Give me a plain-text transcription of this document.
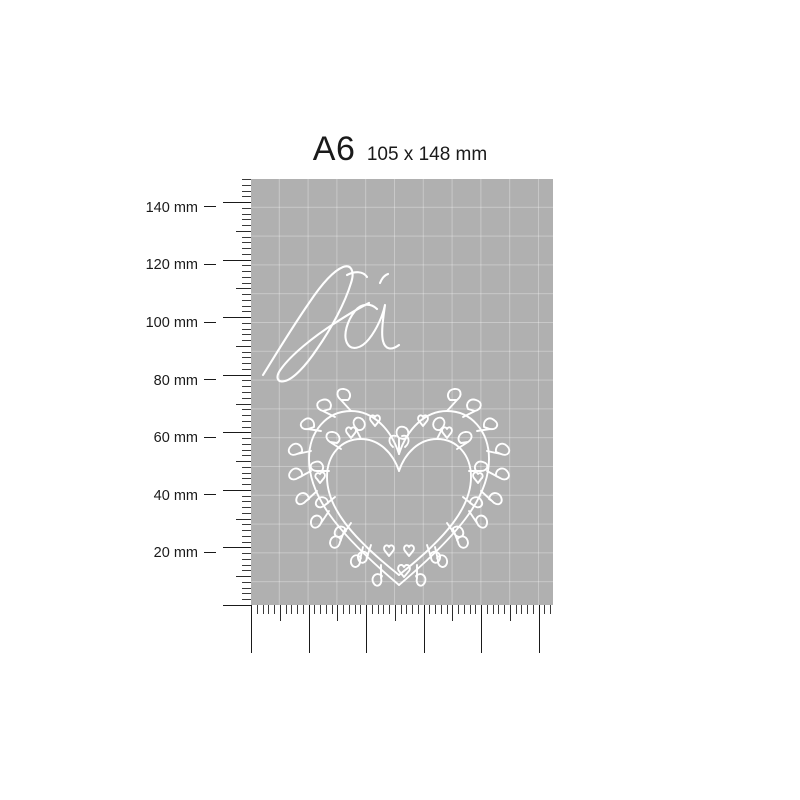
A6 105 x 148 mm
140 mm
120 mm
100 mm
80 mm
60 mm
40 mm
20 mm
